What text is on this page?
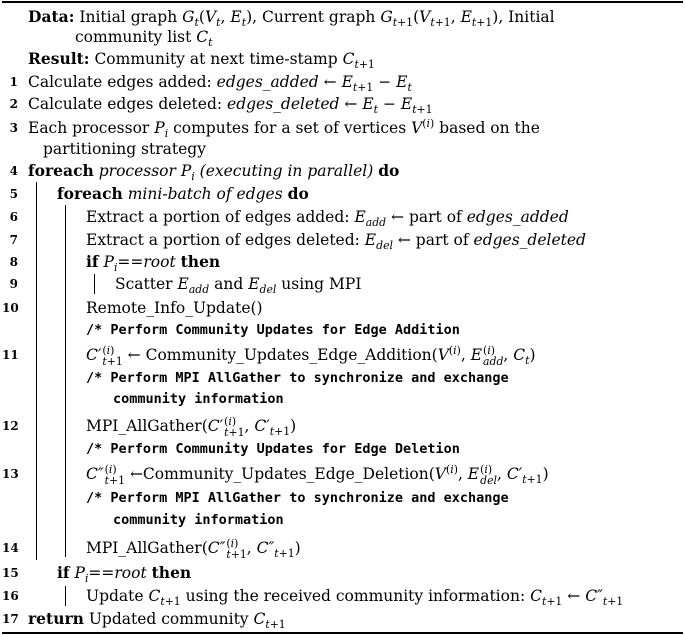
Data: Initial graph $G_t(V_t$, $E_t$), Current graph $G_{t+1}(V_{t+1}$, $E_{t+1}$), Initial
community list $C_t$
Result: Community at next time-stamp $C_{t+1}$
1 Calculate edges added: edges_added ← $E_{t+1} - E_t$
2 Calculate edges deleted: edges_deleted ← $E_t - E_{t+1}$
3 Each processor $P_i$ computes for a set of vertices $V^{(i)}$ based on the
partitioning strategy
4 foreach processor $P_i$ (executing in parallel) do
5	foreach mini-batch of edges do
6	Extract a portion of edges added: $E_{add}$ ← part of edges_added
7	Extract a portion of edges deleted: $E_{del}$ ← part of edges_deleted
8	if $P_i==root$ then
9	Scatter $E_{add}$ and $E_{del}$ using MPI
10	Remote_Info_Update()
/* Perform Community Updates for Edge Addition
11	C′ (i)
t+1 ← $Community\_Updates\_Edge\_Addition(V^{(i)}$, E (i)
add , $C_t$)
/* Perform MPI AllGather to synchronize and exchange
community information
12	MPI_AllGather(C′ (i)
t+1 , $C'_{t+1}$)
/* Perform Community Updates for Edge Deletion
13	C″ (i)
t+1 $\leftarrow Community\_Updates\_Edge\_Deletion(V^{(i)}$, E (i)
del , $C'_{t+1}$)
/* Perform MPI AllGather to synchronize and exchange
community information
14	MPI_AllGather(C″ (i)
t+1 , $C''_{t+1}$)
15 if $P_i==root$ then
16	Update $C_{t+1}$ using the received community information: $C_{t+1}$ ← $C''_{t+1}$
17 return Updated community $C_{t+1}$
